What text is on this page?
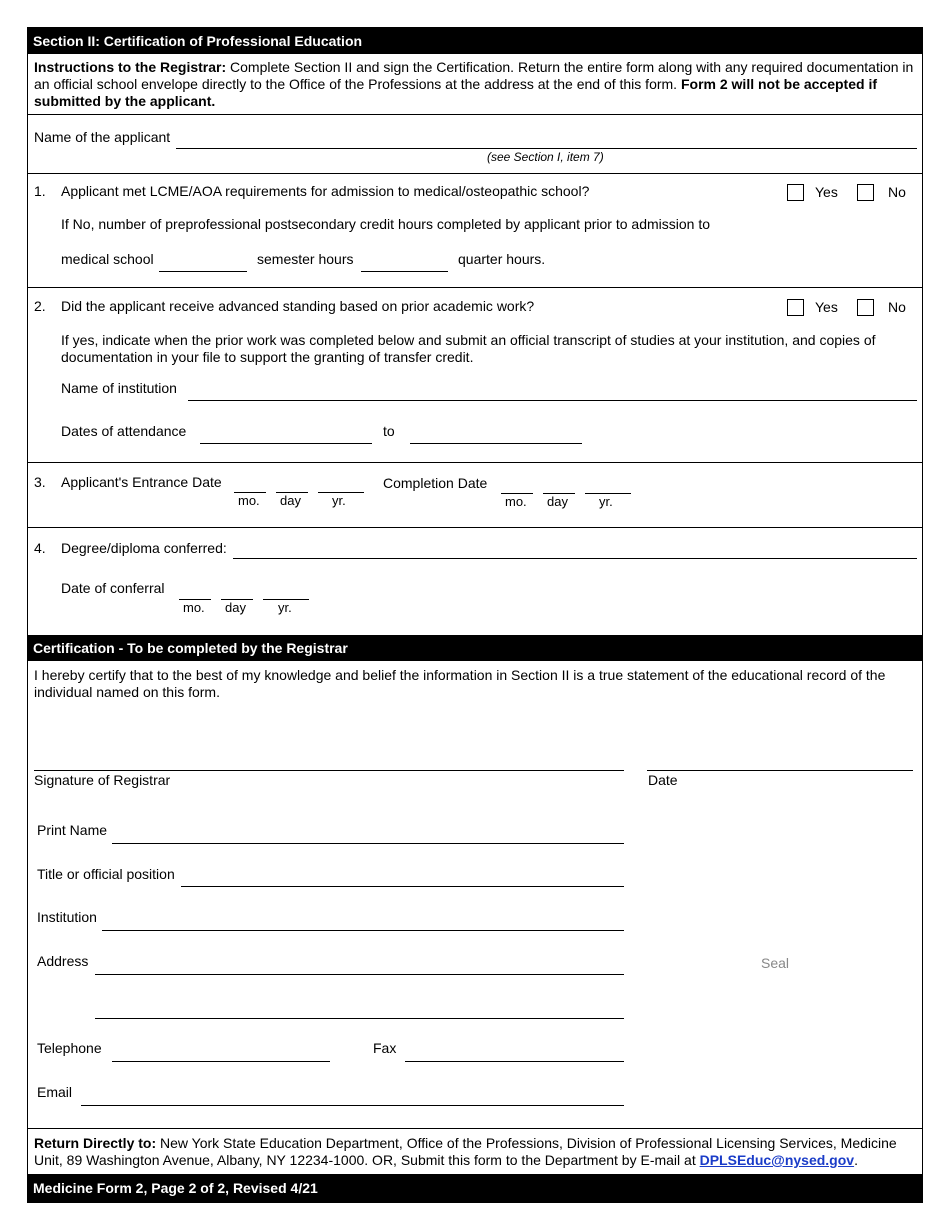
Section II: Certification of Professional Education
Instructions to the Registrar: Complete Section II and sign the Certification. Return the entire form along with any required documentation in an official school envelope directly to the Office of the Professions at the address at the end of this form. Form 2 will not be accepted if submitted by the applicant.
Name of the applicant
(see Section I, item 7)
1. Applicant met LCME/AOA requirements for admission to medical/osteopathic school?	Yes	No
If No, number of preprofessional postsecondary credit hours completed by applicant prior to admission to
medical school	semester hours	quarter hours.
2. Did the applicant receive advanced standing based on prior academic work?	Yes	No
If yes, indicate when the prior work was completed below and submit an official transcript of studies at your institution, and copies of documentation in your file to support the granting of transfer credit.
Name of institution
Dates of attendance	to
3. Applicant's Entrance Date
mo. day yr.
Completion Date
mo. day yr.
4. Degree/diploma conferred:
Date of conferral
mo. day yr.
Certification - To be completed by the Registrar
I hereby certify that to the best of my knowledge and belief the information in Section II is a true statement of the educational record of the individual named on this form.
Signature of Registrar	Date
Print Name
Title or official position
Institution
Address	Seal
Telephone	Fax
Email
Return Directly to: New York State Education Department, Office of the Professions, Division of Professional Licensing Services, Medicine Unit, 89 Washington Avenue, Albany, NY 12234-1000. OR, Submit this form to the Department by E-mail at DPLSEduc@nysed.gov.
Medicine Form 2, Page 2 of 2, Revised 4/21
